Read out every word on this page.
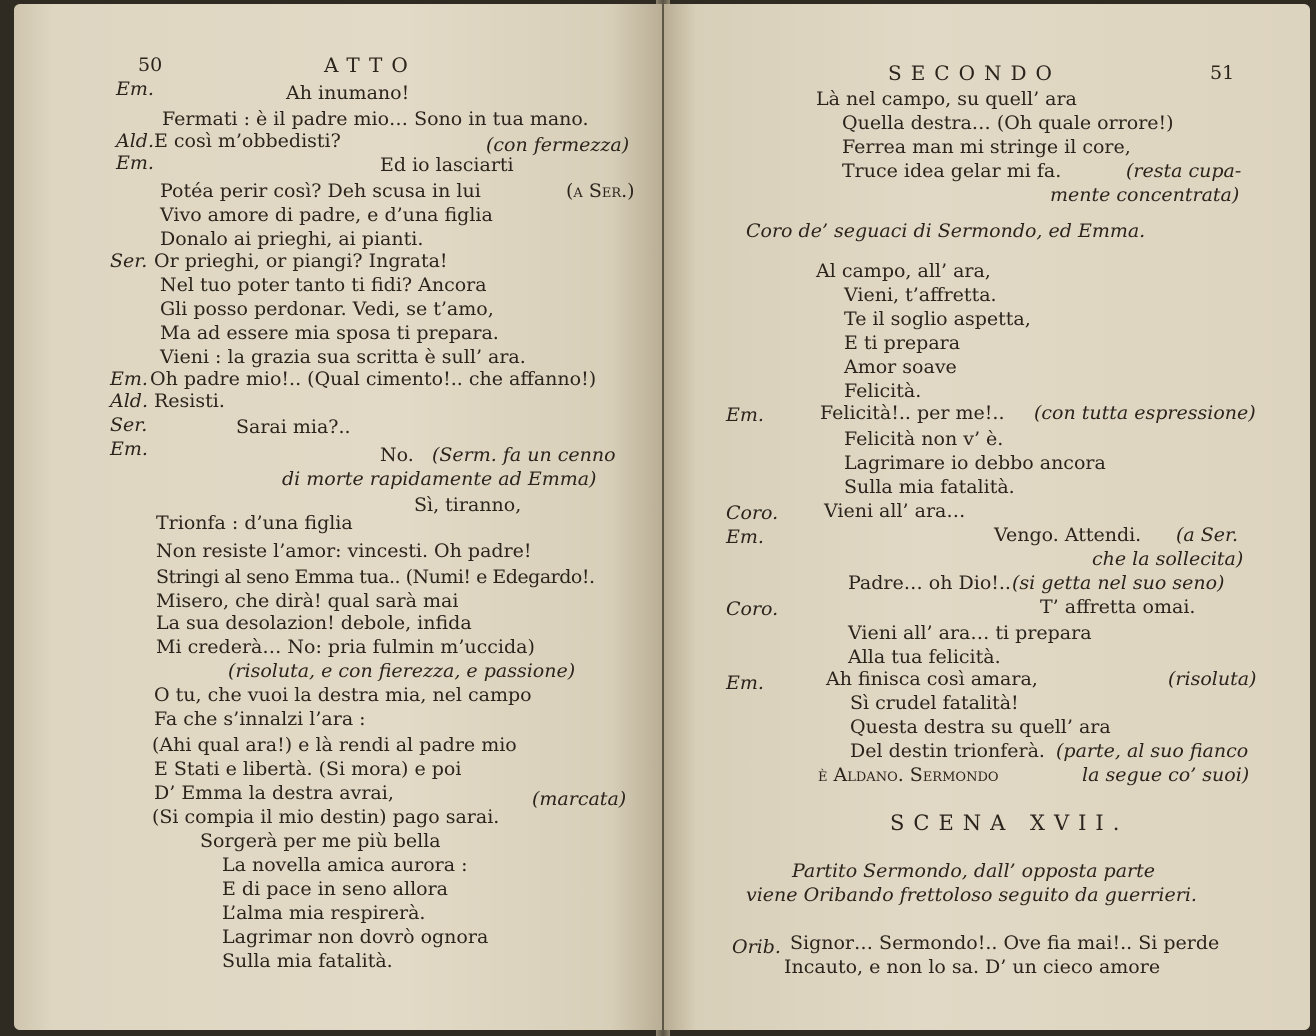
50	ATTO
Em.	Ah inumano!
Fermati : è il padre mio… Sono in tua mano.
Ald. E così m’obbedisti?	(con fermezza)
Em.	Ed io lasciarti
Potéa perir così? Deh scusa in lui	(a Ser.)
Vivo amore di padre, e d’una figlia
Donalo ai prieghi, ai pianti.
Ser. Or prieghi, or piangi? Ingrata!
Nel tuo poter tanto ti fidi? Ancora
Gli posso perdonar. Vedi, se t’amo,
Ma ad essere mia sposa ti prepara.
Vieni : la grazia sua scritta è sull’ ara.
Em. Oh padre mio!.. (Qual cimento!.. che affanno!)
Ald. Resisti.
Ser.	Sarai mia?..
Em.	No. (Serm. fa un cenno
di morte rapidamente ad Emma)
Sì, tiranno,
Trionfa : d’una figlia
Non resiste l’amor: vincesti. Oh padre!
Stringi al seno Emma tua.. (Numi! e Edegardo!.
Misero, che dirà! qual sarà mai
La sua desolazion! debole, infida
Mi crederà… No: pria fulmin m’uccida)
(risoluta, e con fierezza, e passione)
O tu, che vuoi la destra mia, nel campo
Fa che s’innalzi l’ara :
(Ahi qual ara!) e là rendi al padre mio
E Stati e libertà. (Si mora) e poi
D’ Emma la destra avrai,	(marcata)
(Si compia il mio destin) pago sarai.
Sorgerà per me più bella
La novella amica aurora :
E di pace in seno allora
L’alma mia respirerà.
Lagrimar non dovrò ognora
Sulla mia fatalità.
SECONDO	51
Là nel campo, su quell’ ara
Quella destra… (Oh quale orrore!)
Ferrea man mi stringe il core,
Truce idea gelar mi fa.	(resta cupa-
mente concentrata)
Coro de’ seguaci di Sermondo, ed Emma.
Al campo, all’ ara,
Vieni, t’affretta.
Te il soglio aspetta,
E ti prepara
Amor soave
Felicità.
Em.	Felicità!.. per me!.. (con tutta espressione)
Felicità non v’ è.
Lagrimare io debbo ancora
Sulla mia fatalità.
Coro. Vieni all’ ara…
Em.	Vengo. Attendi. (a Ser.
che la sollecita)
Padre… oh Dio!.. (si getta nel suo seno)
Coro.	T’ affretta omai.
Vieni all’ ara… ti prepara
Alla tua felicità.
Em.	Ah finisca così amara,	(risoluta)
Sì crudel fatalità!
Questa destra su quell’ ara
Del destin trionferà. (parte, al suo fianco
è Aldano. Sermondo	la segue co’ suoi)
SCENA XVII.
Partito Sermondo, dall’ opposta parte
viene Oribando frettoloso seguito da guerrieri.
Orib. Signor… Sermondo!.. Ove fia mai!.. Si perde
Incauto, e non lo sa. D’ un cieco amore
